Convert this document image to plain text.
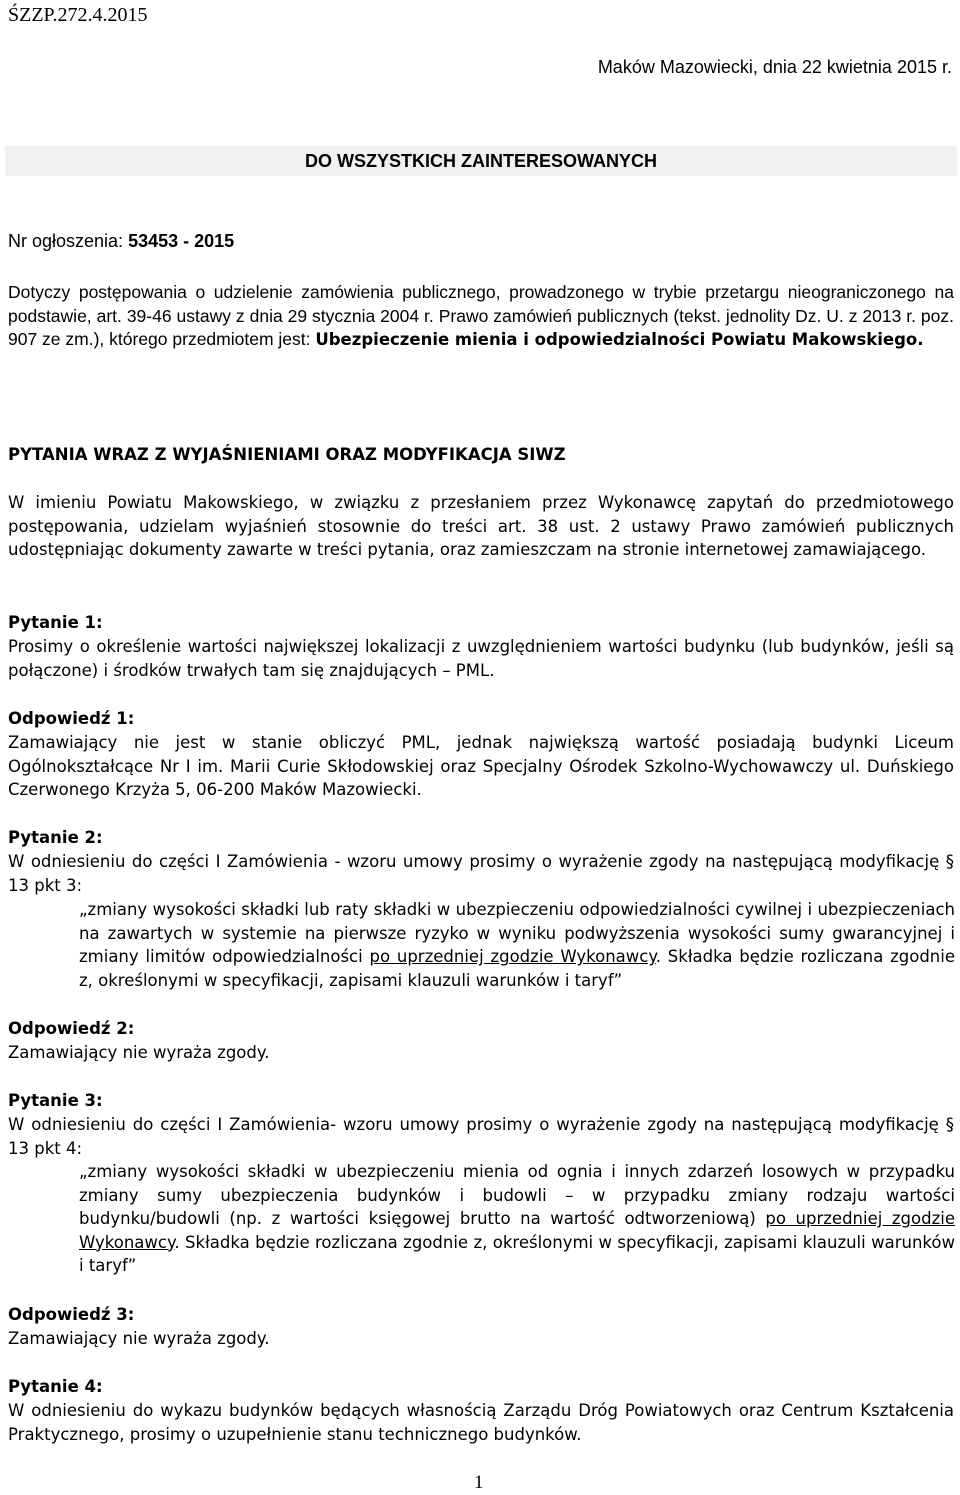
ŚZZP.272.4.2015
Maków Mazowiecki, dnia 22 kwietnia 2015 r.
DO WSZYSTKICH ZAINTERESOWANYCH
Nr ogłoszenia: 53453 - 2015

Dotyczy postępowania o udzielenie zamówienia publicznego, prowadzonego w trybie przetargu nieograniczonego na podstawie, art. 39-46 ustawy z dnia 29 stycznia 2004 r. Prawo zamówień publicznych (tekst. jednolity Dz. U. z 2013 r. poz. 907 ze zm.), którego przedmiotem jest: Ubezpieczenie mienia i odpowiedzialności Powiatu Makowskiego.

PYTANIA WRAZ Z WYJAŚNIENIAMI ORAZ MODYFIKACJA SIWZ

W imieniu Powiatu Makowskiego, w związku z przesłaniem przez Wykonawcę zapytań do przedmiotowego postępowania, udzielam wyjaśnień stosownie do treści art. 38 ust. 2 ustawy Prawo zamówień publicznych udostępniając dokumenty zawarte w treści pytania, oraz zamieszczam na stronie internetowej zamawiającego.

Pytanie 1:

Prosimy o określenie wartości największej lokalizacji z uwzględnieniem wartości budynku (lub budynków, jeśli są połączone) i środków trwałych tam się znajdujących – PML.

Odpowiedź 1:

Zamawiający nie jest w stanie obliczyć PML, jednak największą wartość posiadają budynki Liceum Ogólnokształcące Nr I im. Marii Curie Skłodowskiej oraz Specjalny Ośrodek Szkolno-Wychowawczy ul. Duńskiego Czerwonego Krzyża 5, 06-200 Maków Mazowiecki.

Pytanie 2:

W odniesieniu do części I Zamówienia - wzoru umowy prosimy o wyrażenie zgody na następującą modyfikację § 13 pkt 3:

„zmiany wysokości składki lub raty składki w ubezpieczeniu odpowiedzialności cywilnej i ubezpieczeniach na zawartych w systemie na pierwsze ryzyko w wyniku podwyższenia wysokości sumy gwarancyjnej i zmiany limitów odpowiedzialności po uprzedniej zgodzie Wykonawcy. Składka będzie rozliczana zgodnie z, określonymi w specyfikacji, zapisami klauzuli warunków i taryf”

Odpowiedź 2:

Zamawiający nie wyraża zgody.

Pytanie 3:

W odniesieniu do części I Zamówienia- wzoru umowy prosimy o wyrażenie zgody na następującą modyfikację § 13 pkt 4:

„zmiany wysokości składki w ubezpieczeniu mienia od ognia i innych zdarzeń losowych w przypadku zmiany sumy ubezpieczenia budynków i budowli – w przypadku zmiany rodzaju wartości budynku/budowli (np. z wartości księgowej brutto na wartość odtworzeniową) po uprzedniej zgodzie Wykonawcy. Składka będzie rozliczana zgodnie z, określonymi w specyfikacji, zapisami klauzuli warunków i taryf”

Odpowiedź 3:

Zamawiający nie wyraża zgody.

Pytanie 4:

W odniesieniu do wykazu budynków będących własnością Zarządu Dróg Powiatowych oraz Centrum Kształcenia Praktycznego, prosimy o uzupełnienie stanu technicznego budynków.

1
